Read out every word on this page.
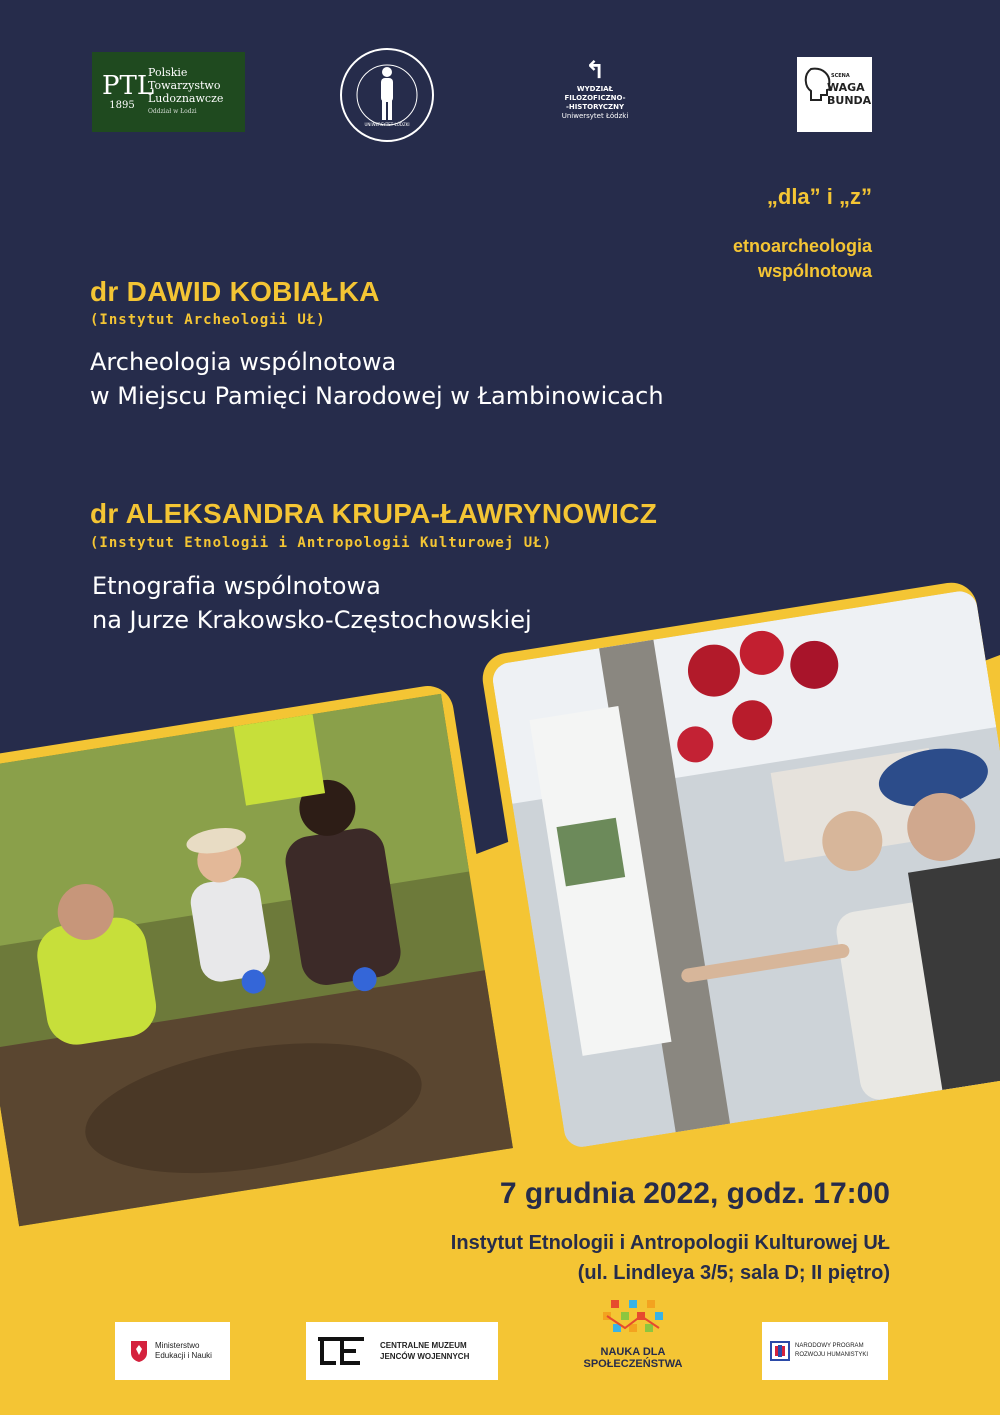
PTL
1895
Polskie
Towarzystwo
Ludoznawcze
Oddział w Łodzi
UNIWERSYTET ŁÓDZKI
↰
WYDZIAŁ
FILOZOFICZNO-
-HISTORYCZNY
Uniwersytet Łódzki
SCENA
WAGA
BUNDA
„dla” i „z”
etnoarcheologia
wspólnotowa
dr DAWID KOBIAŁKA
(Instytut Archeologii UŁ)
Archeologia wspólnotowa
w Miejscu Pamięci Narodowej w Łambinowicach
dr ALEKSANDRA KRUPA-ŁAWRYNOWICZ
(Instytut Etnologii i Antropologii Kulturowej UŁ)
Etnografia wspólnotowa
na Jurze Krakowsko-Częstochowskiej
7 grudnia 2022, godz. 17:00
Instytut Etnologii i Antropologii Kulturowej UŁ
(ul. Lindleya 3/5; sala D; II piętro)
Ministerstwo
Edukacji i Nauki
CENTRALNE MUZEUM
JENCÓW WOJENNYCH	NAUKA DLA
SPOŁECZEŃSTWA
NARODOWY PROGRAM
ROZWOJU HUMANISTYKI
